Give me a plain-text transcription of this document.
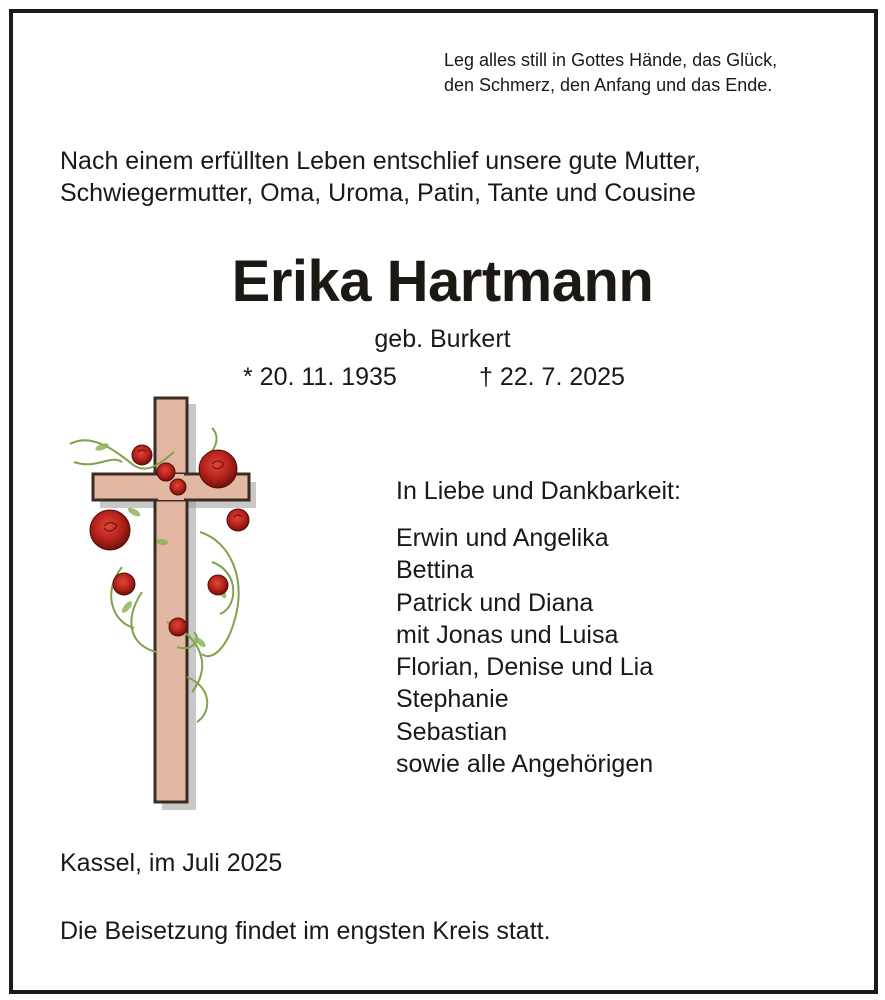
Leg alles still in Gottes Hände, das Glück,
den Schmerz, den Anfang und das Ende.
Nach einem erfüllten Leben entschlief unsere gute Mutter,
Schwiegermutter, Oma, Uroma, Patin, Tante und Cousine
Erika Hartmann
geb. Burkert
* 20. 11. 1935	† 22. 7. 2025
In Liebe und Dankbarkeit:
Erwin und Angelika
Bettina
Patrick und Diana
mit Jonas und Luisa
Florian, Denise und Lia
Stephanie
Sebastian
sowie alle Angehörigen
Kassel, im Juli 2025
Die Beisetzung findet im engsten Kreis statt.
